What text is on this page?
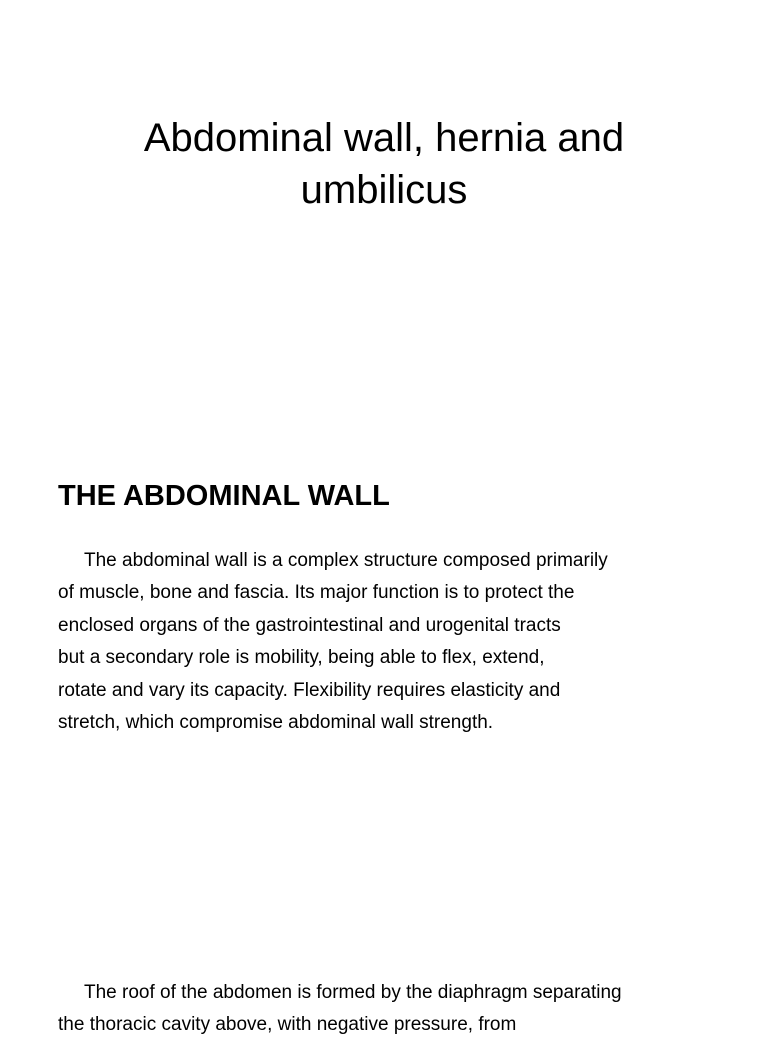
Abdominal wall, hernia and
umbilicus
THE ABDOMINAL WALL

The abdominal wall is a complex structure composed primarily
of muscle, bone and fascia. Its major function is to protect the
enclosed organs of the gastrointestinal and urogenital tracts
but a secondary role is mobility, being able to flex, extend,
rotate and vary its capacity. Flexibility requires elasticity and
stretch, which compromise abdominal wall strength.

The roof of the abdomen is formed by the diaphragm separating
the thoracic cavity above, with negative pressure, from
